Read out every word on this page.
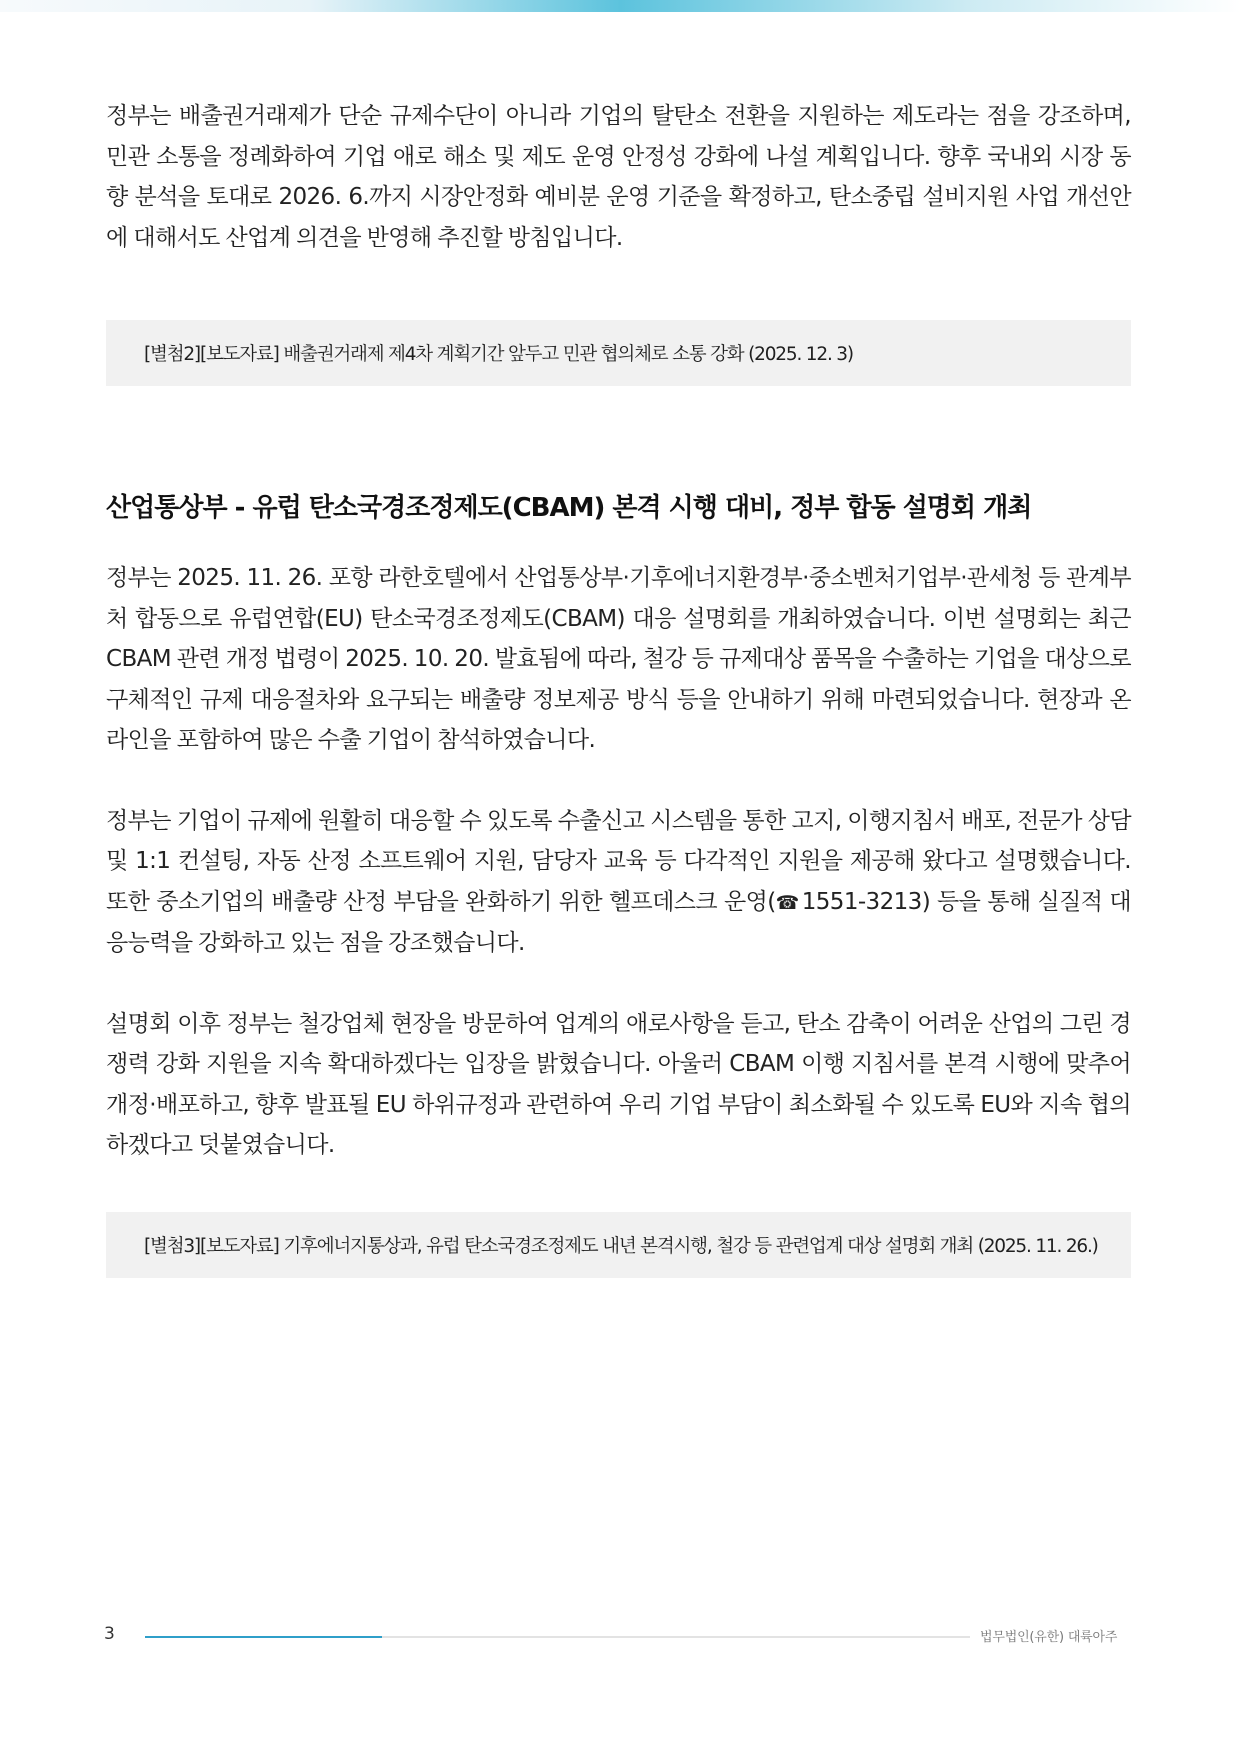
정부는 배출권거래제가 단순 규제수단이 아니라 기업의 탈탄소 전환을 지원하는 제도라는 점을 강조하며, 민관 소통을 정례화하여 기업 애로 해소 및 제도 운영 안정성 강화에 나설 계획입니다. 향후 국내외 시장 동향 분석을 토대로 2026. 6.까지 시장안정화 예비분 운영 기준을 확정하고, 탄소중립 설비지원 사업 개선안에 대해서도 산업계 의견을 반영해 추진할 방침입니다.

[별첨2][보도자료] 배출권거래제 제4차 계획기간 앞두고 민관 협의체로 소통 강화 (2025. 12. 3)
산업통상부 - 유럽 탄소국경조정제도(CBAM) 본격 시행 대비, 정부 합동 설명회 개최

정부는 2025. 11. 26. 포항 라한호텔에서 산업통상부·기후에너지환경부·중소벤처기업부·관세청 등 관계부처 합동으로 유럽연합(EU) 탄소국경조정제도(CBAM) 대응 설명회를 개최하였습니다. 이번 설명회는 최근 CBAM 관련 개정 법령이 2025. 10. 20. 발효됨에 따라, 철강 등 규제대상 품목을 수출하는 기업을 대상으로 구체적인 규제 대응절차와 요구되는 배출량 정보제공 방식 등을 안내하기 위해 마련되었습니다. 현장과 온라인을 포함하여 많은 수출 기업이 참석하였습니다.

정부는 기업이 규제에 원활히 대응할 수 있도록 수출신고 시스템을 통한 고지, 이행지침서 배포, 전문가 상담 및 1:1 컨설팅, 자동 산정 소프트웨어 지원, 담당자 교육 등 다각적인 지원을 제공해 왔다고 설명했습니다. 또한 중소기업의 배출량 산정 부담을 완화하기 위한 헬프데스크 운영(☎ 1551-3213) 등을 통해 실질적 대응능력을 강화하고 있는 점을 강조했습니다.

설명회 이후 정부는 철강업체 현장을 방문하여 업계의 애로사항을 듣고, 탄소 감축이 어려운 산업의 그린 경쟁력 강화 지원을 지속 확대하겠다는 입장을 밝혔습니다. 아울러 CBAM 이행 지침서를 본격 시행에 맞추어 개정·배포하고, 향후 발표될 EU 하위규정과 관련하여 우리 기업 부담이 최소화될 수 있도록 EU와 지속 협의하겠다고 덧붙였습니다.

[별첨3][보도자료] 기후에너지통상과, 유럽 탄소국경조정제도 내년 본격시행, 철강 등 관련업계 대상 설명회 개최 (2025. 11. 26.)
3	법무법인(유한) 대륙아주
